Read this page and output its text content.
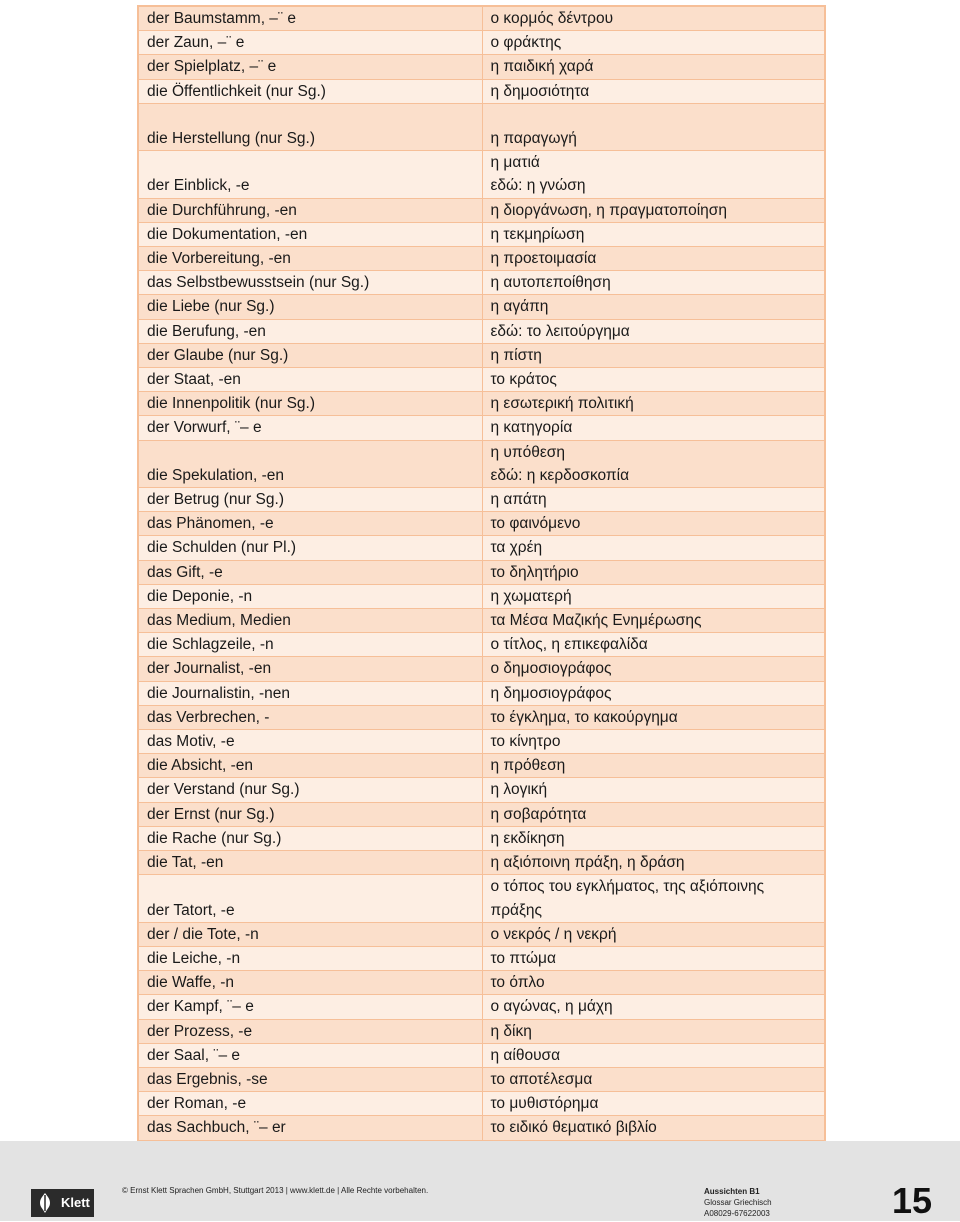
der Baumstamm, –¨ e	ο κορμός δέντρου
der Zaun, –¨ e	ο φράκτης
der Spielplatz, –¨ e	η παιδική χαρά
die Öffentlichkeit (nur Sg.)	η δημοσιότητα
die Herstellung (nur Sg.)	η παραγωγή
der Einblick, -e	η ματιά
εδώ: η γνώση
die Durchführung, -en	η διοργάνωση, η πραγματοποίηση
die Dokumentation, -en	η τεκμηρίωση
die Vorbereitung, -en	η προετοιμασία
das Selbstbewusstsein (nur Sg.)	η αυτοπεποίθηση
die Liebe (nur Sg.)	η αγάπη
die Berufung, -en	εδώ: το λειτούργημα
der Glaube (nur Sg.)	η πίστη
der Staat, -en	το κράτος
die Innenpolitik (nur Sg.)	η εσωτερική πολιτική
der Vorwurf, ¨– e	η κατηγορία
die Spekulation, -en	η υπόθεση
εδώ: η κερδοσκοπία
der Betrug (nur Sg.)	η απάτη
das Phänomen, -e	το φαινόμενο
die Schulden (nur Pl.)	τα χρέη
das Gift, -e	το δηλητήριο
die Deponie, -n	η χωματερή
das Medium, Medien	τα Μέσα Μαζικής Ενημέρωσης
die Schlagzeile, -n	ο τίτλος, η επικεφαλίδα
der Journalist, -en	ο δημοσιογράφος
die Journalistin, -nen	η δημοσιογράφος
das Verbrechen, -	το έγκλημα, το κακούργημα
das Motiv, -e	το κίνητρο
die Absicht, -en	η πρόθεση
der Verstand (nur Sg.)	η λογική
der Ernst (nur Sg.)	η σοβαρότητα
die Rache (nur Sg.)	η εκδίκηση
die Tat, -en	η αξιόποινη πράξη, η δράση
der Tatort, -e	ο τόπος του εγκλήματος, της αξιόποινης
πράξης
der / die Tote, -n	ο νεκρός / η νεκρή
die Leiche, -n	το πτώμα
die Waffe, -n	το όπλο
der Kampf, ¨– e	ο αγώνας, η μάχη
der Prozess, -e	η δίκη
der Saal, ¨– e	η αίθουσα
das Ergebnis, -se	το αποτέλεσμα
der Roman, -e	το μυθιστόρημα
das Sachbuch, ¨– er	το ειδικό θεματικό βιβλίο

Klett
© Ernst Klett Sprachen GmbH, Stuttgart 2013 | www.klett.de | Alle Rechte vorbehalten.	Aussichten B1
Glossar Griechisch
A08029-67622003	15
